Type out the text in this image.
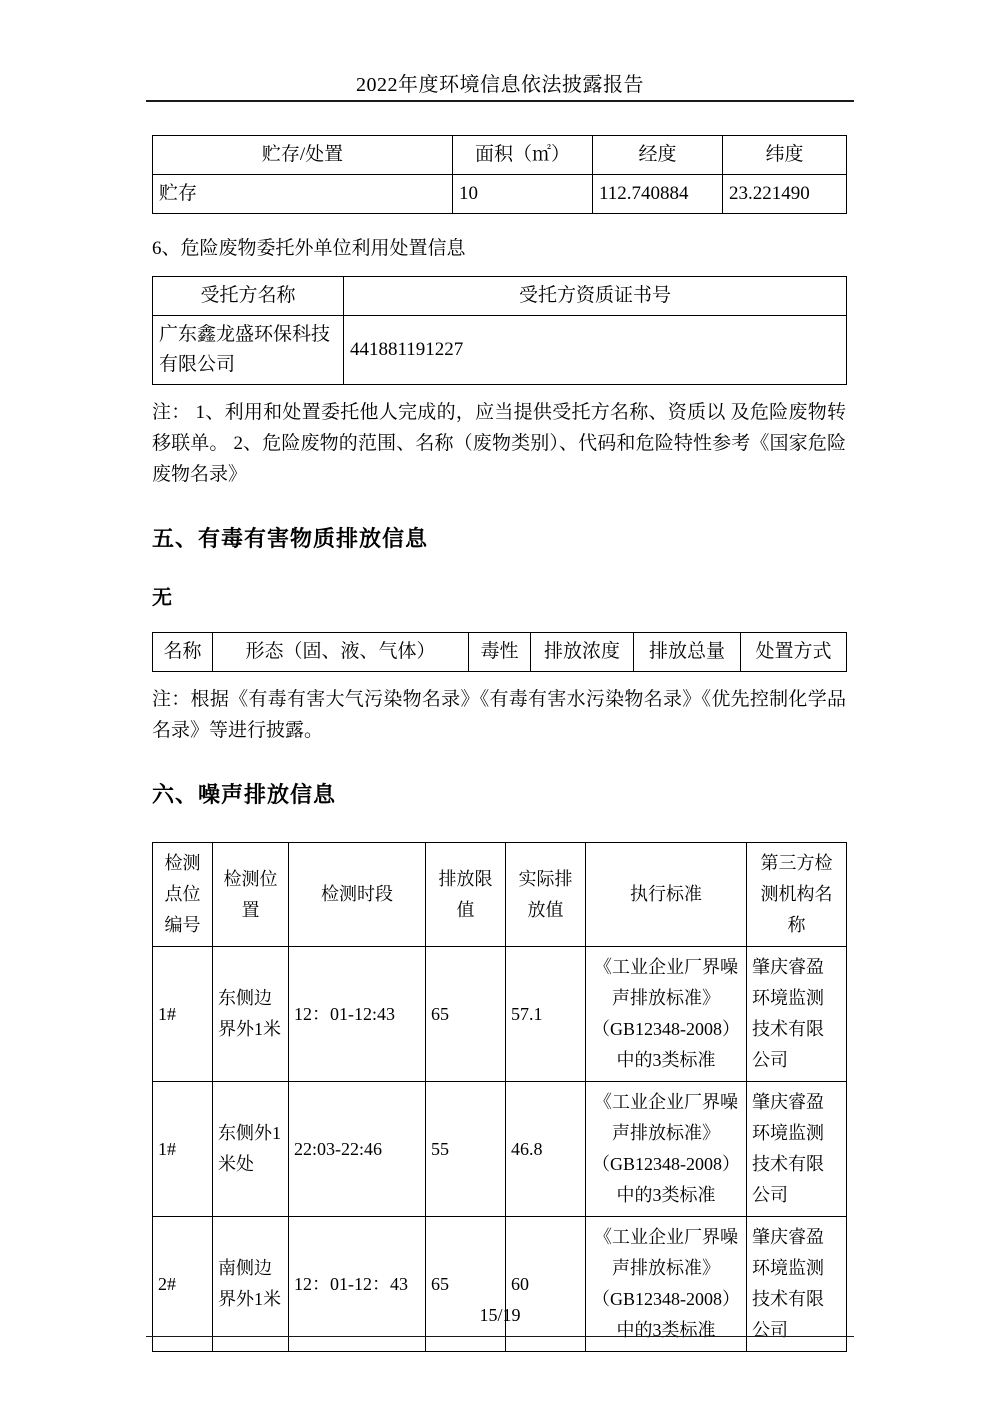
2022年度环境信息依法披露报告
贮存/处置	面积（㎡）	经度	纬度
贮存	10	112.740884	23.221490

6、危险废物委托外单位利用处置信息

受托方名称	受托方资质证书号
广东鑫龙盛环保科技有限公司	441881191227

注： 1、利用和处置委托他人完成的，应当提供受托方名称、资质以 及危险废物转移联单。 2、危险废物的范围、名称（废物类别）、代码和危险特性参考《国家危险废物名录》

五、有毒有害物质排放信息

无

名称	形态（固、液、气体）	毒性	排放浓度	排放总量	处置方式

注：根据《有毒有害大气污染物名录》《有毒有害水污染物名录》《优先控制化学品名录》等进行披露。

六、噪声排放信息

检测点位编号	检测位置	检测时段	排放限值	实际排放值	执行标准	第三方检测机构名称
1#	东侧边界外1米	12：01-12:43	65	57.1	《工业企业厂界噪声排放标准》（GB12348-2008）中的3类标准	肇庆睿盈环境监测技术有限公司
1#	东侧外1米处	22:03-22:46	55	46.8	《工业企业厂界噪声排放标准》（GB12348-2008）中的3类标准	肇庆睿盈环境监测技术有限公司
2#	南侧边界外1米	12：01-12：43	65	60	《工业企业厂界噪声排放标准》（GB12348-2008）中的3类标准	肇庆睿盈环境监测技术有限公司
15/19
